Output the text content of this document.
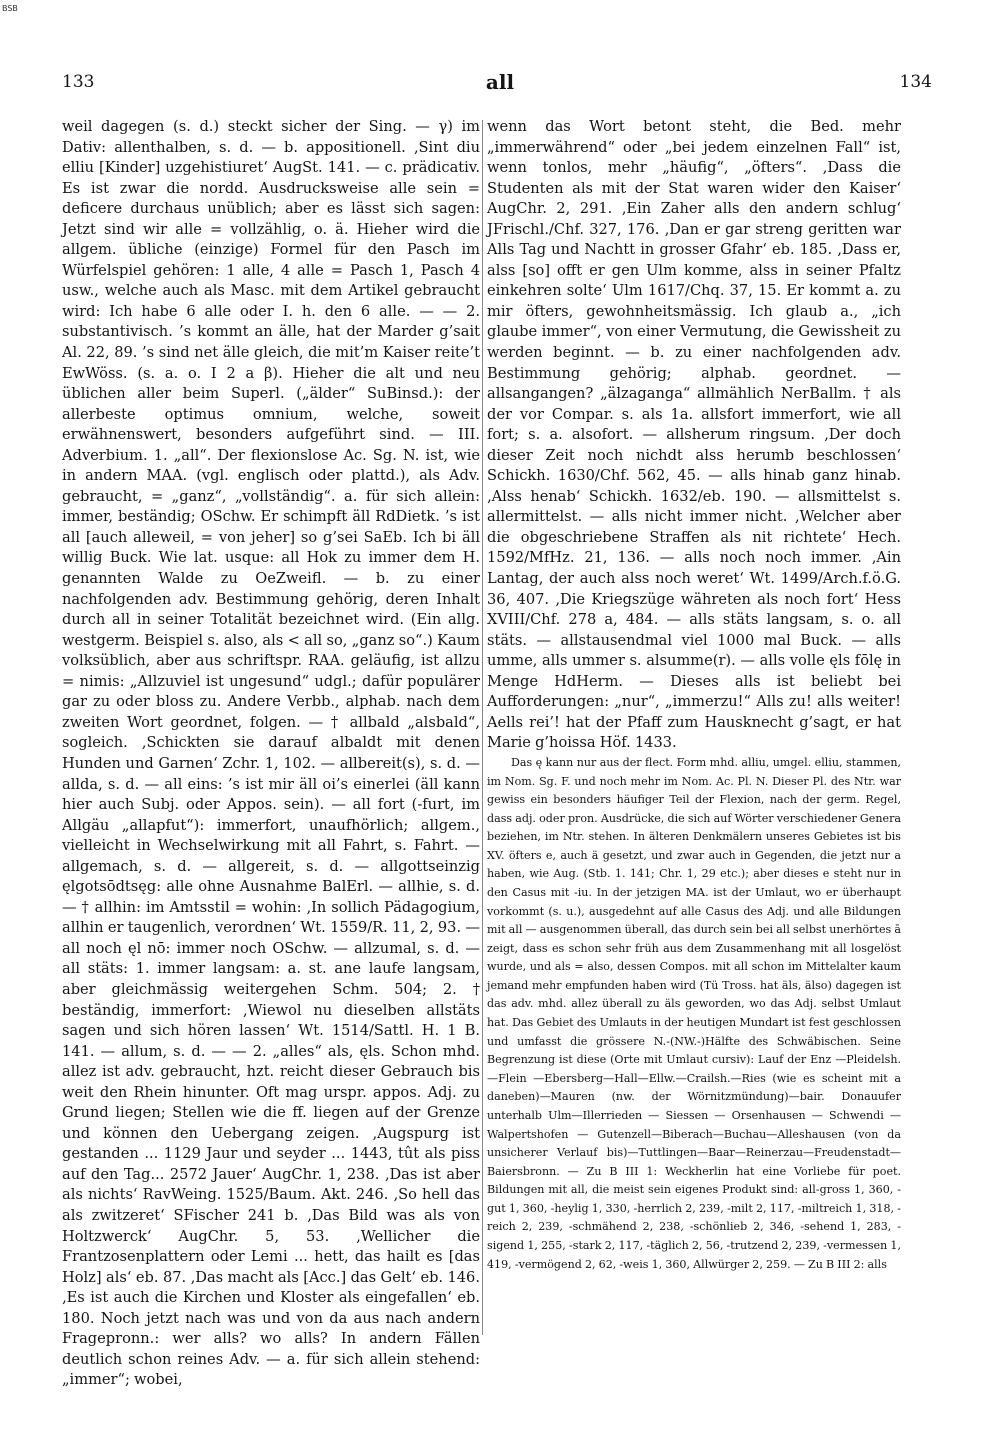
BSB
133	all	134

weil dagegen (s. d.) steckt sicher der Sing. — γ) im Dativ: allenthalben, s. d. — b. appositionell. ‚Sint diu elliu [Kinder] uzgehistiuret‘ AugSt. 141. — c. prädicativ. Es ist zwar die nordd. Ausdrucksweise alle sein = deficere durchaus unüblich; aber es lässt sich sagen: Jetzt sind wir alle = vollzählig, o. ä. Hieher wird die allgem. übliche (einzige) Formel für den Pasch im Würfelspiel gehören: 1 alle, 4 alle = Pasch 1, Pasch 4 usw., welche auch als Masc. mit dem Artikel gebraucht wird: Ich habe 6 alle oder I. h. den 6 alle. — — 2. substantivisch. ’s kommt an älle, hat der Marder g’sait Al. 22, 89. ’s sind net älle gleich, die mit’m Kaiser reite’t EwWöss. (s. a. o. I 2 a β). Hieher die alt und neu üblichen aller beim Superl. („älder“ SuBinsd.): der allerbeste optimus omnium, welche, soweit erwähnenswert, besonders aufgeführt sind. — III. Adverbium. 1. „all“. Der flexionslose Ac. Sg. N. ist, wie in andern MAA. (vgl. englisch oder plattd.), als Adv. gebraucht, = „ganz“, „vollständig“. a. für sich allein: immer, beständig; OSchw. Er schimpft äll RdDietk. ’s ist all [auch alleweil, = von jeher] so g’sei SaEb. Ich bi äll willig Buck. Wie lat. usque: all Hok zu immer dem H. genannten Walde zu OeZweifl. — b. zu einer nachfolgenden adv. Bestimmung gehörig, deren Inhalt durch all in seiner Totalität bezeichnet wird. (Ein allg. westgerm. Beispiel s. also, als < all so, „ganz so“.) Kaum volksüblich, aber aus schriftspr. RAA. geläufig, ist allzu = nimis: „Allzuviel ist ungesund“ udgl.; dafür populärer gar zu oder bloss zu. Andere Verbb., alphab. nach dem zweiten Wort geordnet, folgen. — † allbald „alsbald“, sogleich. ‚Schickten sie darauf albaldt mit denen Hunden und Garnen‘ Zchr. 1, 102. — allbereit(s), s. d. — allda, s. d. — all eins: ’s ist mir äll oi’s einerlei (äll kann hier auch Subj. oder Appos. sein). — all fort (-furt, im Allgäu „allapfut“): immerfort, unaufhörlich; allgem., vielleicht in Wechselwirkung mit all Fahrt, s. Fahrt. — allgemach, s. d. — allgereit, s. d. — allgottseinzig ęlgotsōdtsęg: alle ohne Ausnahme BalErl. — allhie, s. d. — † allhin: im Amtsstil = wohin: ‚In sollich Pädagogium, allhin er taugenlich, verordnen‘ Wt. 1559/R. 11, 2, 93. — all noch ęl nō: immer noch OSchw. — allzumal, s. d. — all stäts: 1. immer langsam: a. st. ane laufe langsam, aber gleichmässig weitergehen Schm. 504; 2. † beständig, immerfort: ‚Wiewol nu dieselben allstäts sagen und sich hören lassen‘ Wt. 1514/Sattl. H. 1 B. 141. — allum, s. d. — — 2. „alles“ als, ęls. Schon mhd. allez ist adv. gebraucht, hzt. reicht dieser Gebrauch bis weit den Rhein hinunter. Oft mag urspr. appos. Adj. zu Grund liegen; Stellen wie die ff. liegen auf der Grenze und können den Uebergang zeigen. ‚Augspurg ist gestanden ... 1129 Jaur und seyder ... 1443, tût als piss auf den Tag... 2572 Jauer‘ AugChr. 1, 238. ‚Das ist aber als nichts‘ RavWeing. 1525/Baum. Akt. 246. ‚So hell das als zwitzeret‘ SFischer 241 b. ‚Das Bild was als von Holtzwerck‘ AugChr. 5, 53. ‚Wellicher die Frantzosenplattern oder Lemi ... hett, das hailt es [das Holz] als‘ eb. 87. ‚Das macht als [Acc.] das Gelt‘ eb. 146. ‚Es ist auch die Kirchen und Kloster als eingefallen‘ eb. 180. Noch jetzt nach was und von da aus nach andern Fragepronn.: wer alls? wo alls? In andern Fällen deutlich schon reines Adv. — a. für sich allein stehend: „immer“; wobei,

wenn das Wort betont steht, die Bed. mehr „immerwährend“ oder „bei jedem einzelnen Fall“ ist, wenn tonlos, mehr „häufig“, „öfters“. ‚Dass die Studenten als mit der Stat waren wider den Kaiser‘ AugChr. 2, 291. ‚Ein Zaher alls den andern schlug‘ JFrischl./Chf. 327, 176. ‚Dan er gar streng geritten war Alls Tag und Nachtt in grosser Gfahr‘ eb. 185. ‚Dass er, alss [so] offt er gen Ulm komme, alss in seiner Pfaltz einkehren solte‘ Ulm 1617/Chq. 37, 15. Er kommt a. zu mir öfters, gewohnheitsmässig. Ich glaub a., „ich glaube immer“, von einer Vermutung, die Gewissheit zu werden beginnt. — b. zu einer nachfolgenden adv. Bestimmung gehörig; alphab. geordnet. — allsangangen? „älzaganga“ allmählich NerBallm. † als der vor Compar. s. als 1a. allsfort immerfort, wie all fort; s. a. alsofort. — allsherum ringsum. ‚Der doch dieser Zeit noch nichdt alss herumb beschlossen‘ Schickh. 1630/Chf. 562, 45. — alls hinab ganz hinab. ‚Alss henab‘ Schickh. 1632/eb. 190. — allsmittelst s. allermittelst. — alls nicht immer nicht. ‚Welcher aber die obgeschriebene Straffen als nit richtete‘ Hech. 1592/MfHz. 21, 136. — alls noch noch immer. ‚Ain Lantag, der auch alss noch weret‘ Wt. 1499/Arch.f.ö.G. 36, 407. ‚Die Kriegszüge währeten als noch fort‘ Hess XVIII/Chf. 278 a, 484. — alls stäts langsam, s. o. all stäts. — allstausendmal viel 1000 mal Buck. — alls umme, alls ummer s. alsumme(r). — alls volle ęls fōlę in Menge HdHerm. — Dieses alls ist beliebt bei Aufforderungen: „nur“, „immerzu!“ Alls zu! alls weiter! Aells rei’! hat der Pfaff zum Hausknecht g’sagt, er hat Marie g’hoissa Höf. 1433.

Das ę kann nur aus der flect. Form mhd. alliu, umgel. elliu, stammen, im Nom. Sg. F. und noch mehr im Nom. Ac. Pl. N. Dieser Pl. des Ntr. war gewiss ein besonders häufiger Teil der Flexion, nach der germ. Regel, dass adj. oder pron. Ausdrücke, die sich auf Wörter verschiedener Genera beziehen, im Ntr. stehen. In älteren Denkmälern unseres Gebietes ist bis XV. öfters e, auch ä gesetzt, und zwar auch in Gegenden, die jetzt nur a haben, wie Aug. (Stb. 1. 141; Chr. 1, 29 etc.); aber dieses e steht nur in den Casus mit -iu. In der jetzigen MA. ist der Umlaut, wo er überhaupt vorkommt (s. u.), ausgedehnt auf alle Casus des Adj. und alle Bildungen mit all — ausgenommen überall, das durch sein bei all selbst unerhörtes ā zeigt, dass es schon sehr früh aus dem Zusammenhang mit all losgelöst wurde, und als = also, dessen Compos. mit all schon im Mittelalter kaum jemand mehr empfunden haben wird (Tü Tross. hat äls, älso) dagegen ist das adv. mhd. allez überall zu äls geworden, wo das Adj. selbst Umlaut hat. Das Gebiet des Umlauts in der heutigen Mundart ist fest geschlossen und umfasst die grössere N.-(NW.-)Hälfte des Schwäbischen. Seine Begrenzung ist diese (Orte mit Umlaut cursiv): Lauf der Enz —Pleidelsh.—Flein —Ebersberg—Hall—Ellw.—Crailsh.—Ries (wie es scheint mit a daneben)—Mauren (nw. der Wörnitzmündung)—bair. Donauufer unterhalb Ulm—Illerrieden — Siessen — Orsenhausen — Schwendi — Walpertshofen — Gutenzell—Biberach—Buchau—Alleshausen (von da unsicherer Verlauf bis)—Tuttlingen—Baar—Reinerzau—Freudenstadt—Baiersbronn. — Zu B III 1: Weckherlin hat eine Vorliebe für poet. Bildungen mit all, die meist sein eigenes Produkt sind: all-gross 1, 360, -gut 1, 360, -heylig 1, 330, -herrlich 2, 239, -milt 2, 117, -miltreich 1, 318, -reich 2, 239, -schmähend 2, 238, -schönlieb 2, 346, -sehend 1, 283, -sigend 1, 255, -stark 2, 117, -täglich 2, 56, -trutzend 2, 239, -vermessen 1, 419, -vermögend 2, 62, -weis 1, 360, Allwürger 2, 259. — Zu B III 2: alls
